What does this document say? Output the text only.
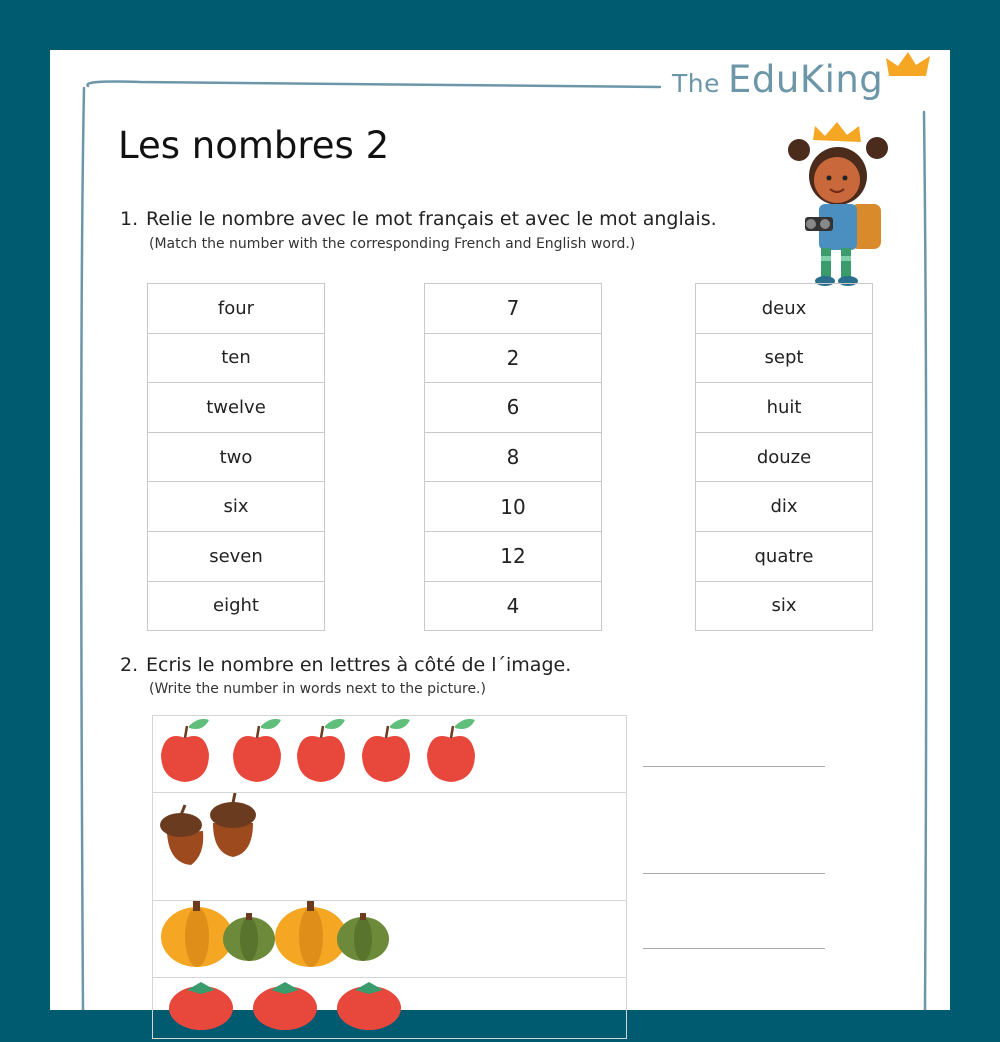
The EduKing
Les nombres 2
1. Relie le nombre avec le mot français et avec le mot anglais.
(Match the number with the corresponding French and English word.)
four
ten
twelve
two
six
seven
eight
7
2
6
8
10
12
4
deux
sept
huit
douze
dix
quatre
six
2. Ecris le nombre en lettres à côté de l´image.
(Write the number in words next to the picture.)
